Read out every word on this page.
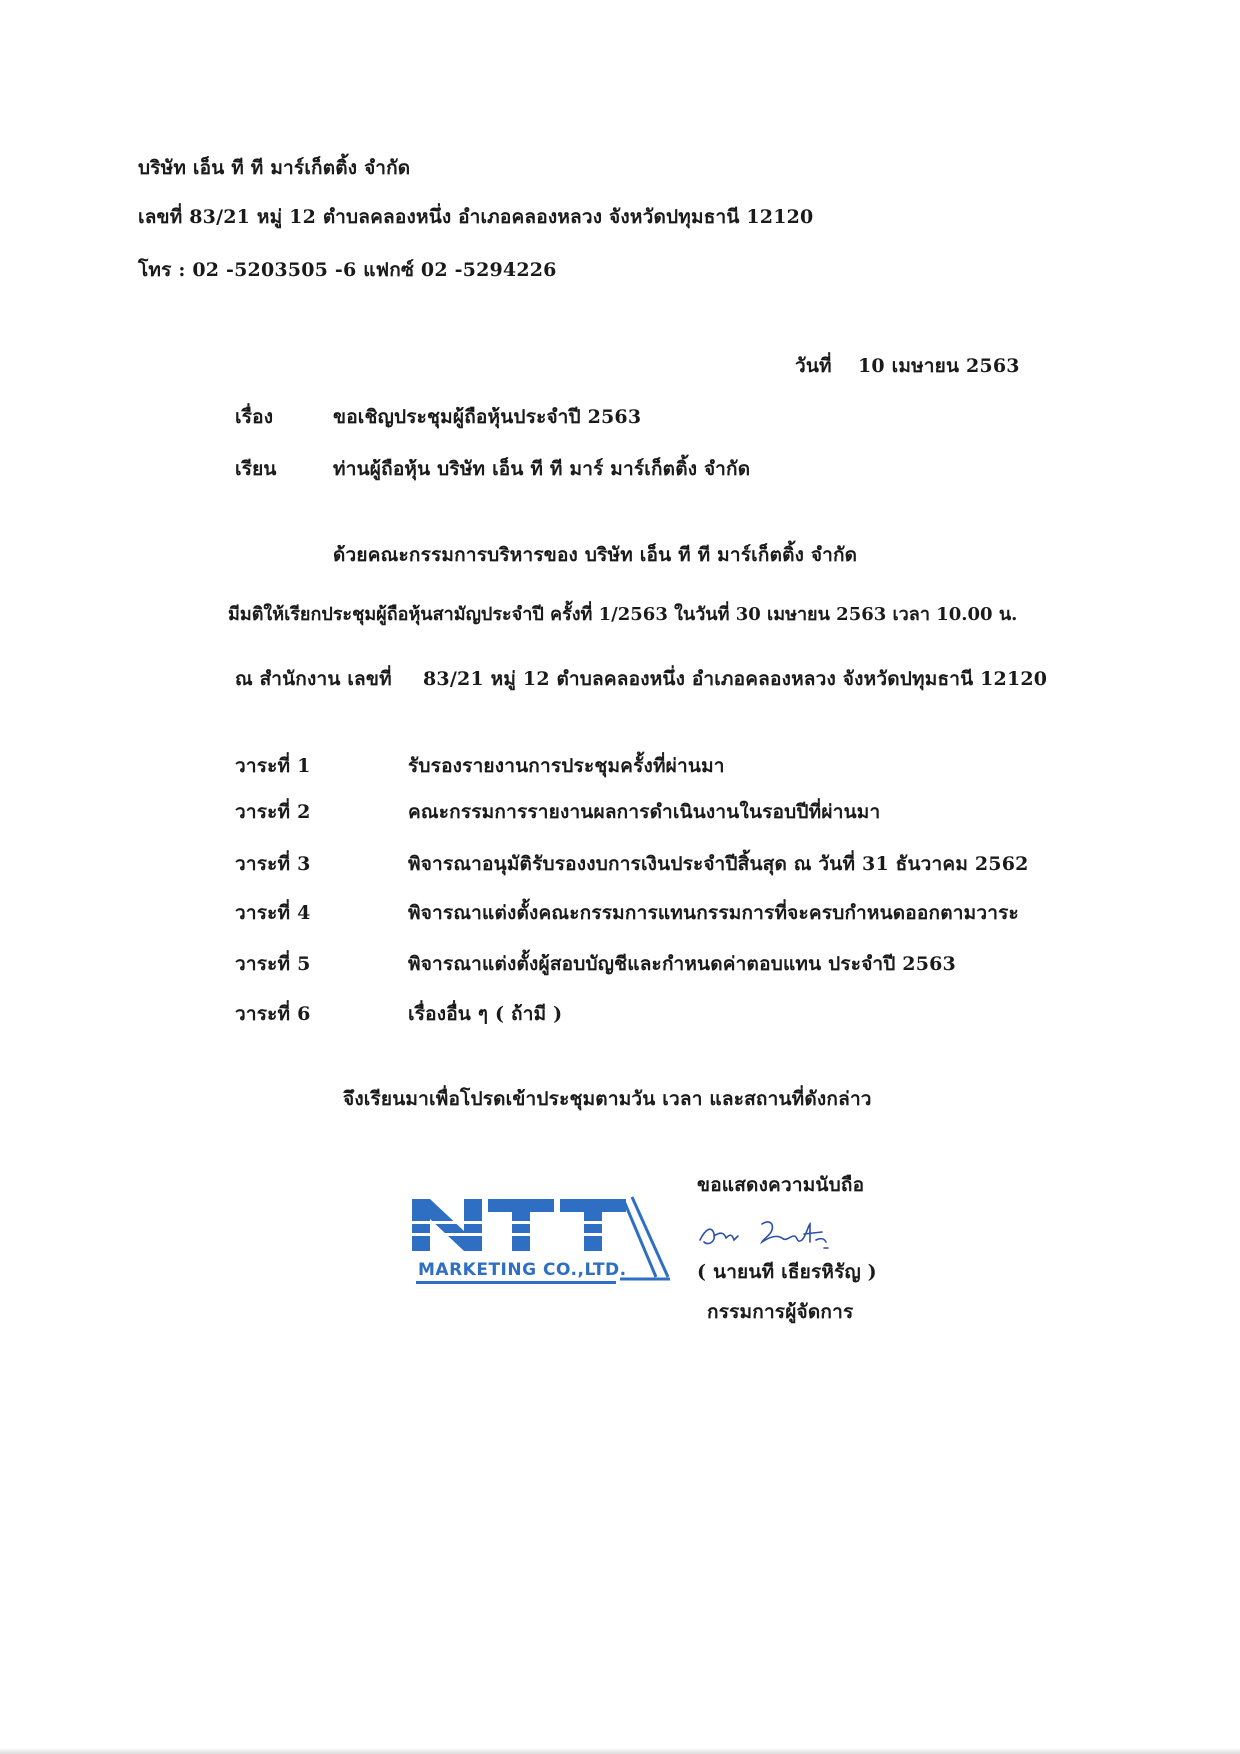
บริษัท เอ็น ที ที มาร์เก็ตติ้ง จำกัด
เลขที่ 83/21 หมู่ 12 ตำบลคลองหนึ่ง อำเภอคลองหลวง จังหวัดปทุมธานี 12120
โทร : 02 -5203505 -6 แฟกซ์ 02 -5294226
วันที่ 10 เมษายน 2563
เรื่อง	ขอเชิญประชุมผู้ถือหุ้นประจำปี 2563
เรียน	ท่านผู้ถือหุ้น บริษัท เอ็น ที ที มาร์ มาร์เก็ตติ้ง จำกัด
ด้วยคณะกรรมการบริหารของ บริษัท เอ็น ที ที มาร์เก็ตติ้ง จำกัด
มีมติให้เรียกประชุมผู้ถือหุ้นสามัญประจำปี ครั้งที่ 1/2563 ในวันที่ 30 เมษายน 2563 เวลา 10.00 น.
ณ สำนักงาน เลขที่ 83/21 หมู่ 12 ตำบลคลองหนึ่ง อำเภอคลองหลวง จังหวัดปทุมธานี 12120
วาระที่ 1	รับรองรายงานการประชุมครั้งที่ผ่านมา
วาระที่ 2	คณะกรรมการรายงานผลการดำเนินงานในรอบปีที่ผ่านมา
วาระที่ 3	พิจารณาอนุมัติรับรองงบการเงินประจำปีสิ้นสุด ณ วันที่ 31 ธันวาคม 2562
วาระที่ 4	พิจารณาแต่งตั้งคณะกรรมการแทนกรรมการที่จะครบกำหนดออกตามวาระ
วาระที่ 5	พิจารณาแต่งตั้งผู้สอบบัญชีและกำหนดค่าตอบแทน ประจำปี 2563
วาระที่ 6	เรื่องอื่น ๆ ( ถ้ามี )
จึงเรียนมาเพื่อโปรดเข้าประชุมตามวัน เวลา และสถานที่ดังกล่าว
ขอแสดงความนับถือ
MARKETING CO.,LTD.	( นายนที เธียรหิรัญ )
กรรมการผู้จัดการ
